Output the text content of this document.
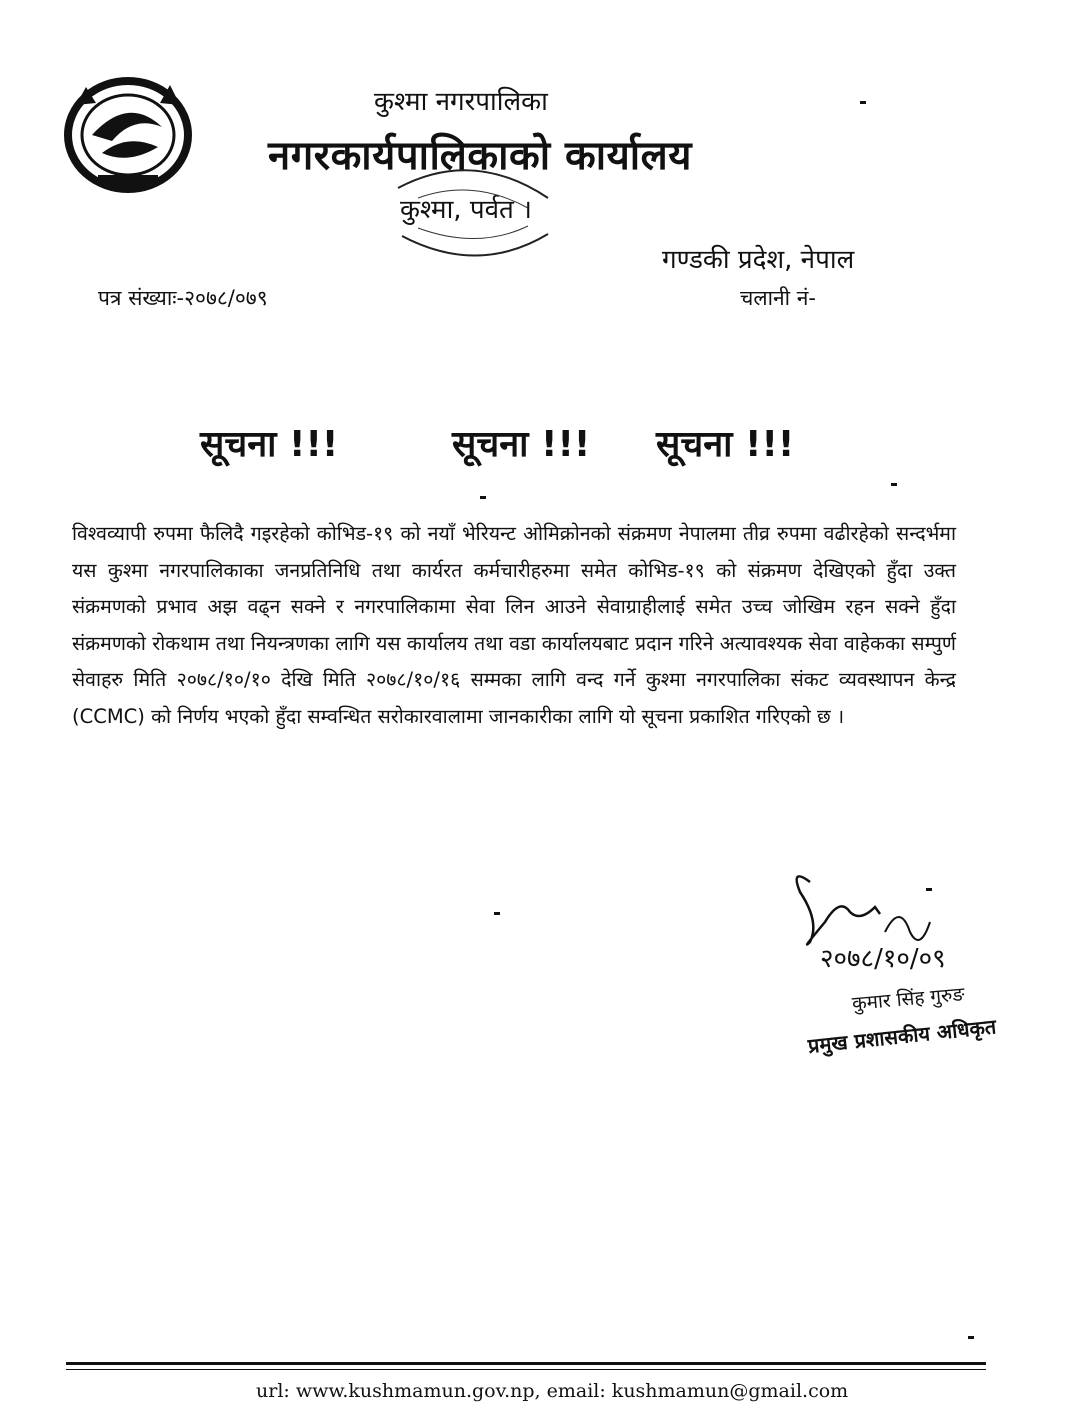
कुश्मा नगरपालिका
नगरकार्यपालिकाको कार्यालय
कुश्मा, पर्वत ।
गण्डकी प्रदेश, नेपाल
पत्र संख्याः-२०७८/०७९	चलानी नं-
सूचना !!!	सूचना !!! सूचना !!!
विश्वव्यापी रुपमा फैलिदै गइरहेको कोभिड-१९ को नयाँ भेरियन्ट ओमिक्रोनको संक्रमण नेपालमा तीव्र रुपमा वढीरहेको सन्दर्भमा यस कुश्मा नगरपालिकाका जनप्रतिनिधि तथा कार्यरत कर्मचारीहरुमा समेत कोभिड-१९ को संक्रमण देखिएको हुँदा उक्त संक्रमणको प्रभाव अझ वढ्न सक्ने र नगरपालिकामा सेवा लिन आउने सेवाग्राहीलाई समेत उच्च जोखिम रहन सक्ने हुँदा संक्रमणको रोकथाम तथा नियन्त्रणका लागि यस कार्यालय तथा वडा कार्यालयबाट प्रदान गरिने अत्यावश्यक सेवा वाहेकका सम्पुर्ण सेवाहरु मिति २०७८/१०/१० देखि मिति २०७८/१०/१६ सम्मका लागि वन्द गर्ने कुश्मा नगरपालिका संकट व्यवस्थापन केन्द्र (CCMC) को निर्णय भएको हुँदा सम्वन्धित सरोकारवालामा जानकारीका लागि यो सूचना प्रकाशित गरिएको छ ।
२०७८/१०/०९
कुमार सिंह गुरुङ
प्रमुख प्रशासकीय अधिकृत
url: www.kushmamun.gov.np, email: kushmamun@gmail.com
